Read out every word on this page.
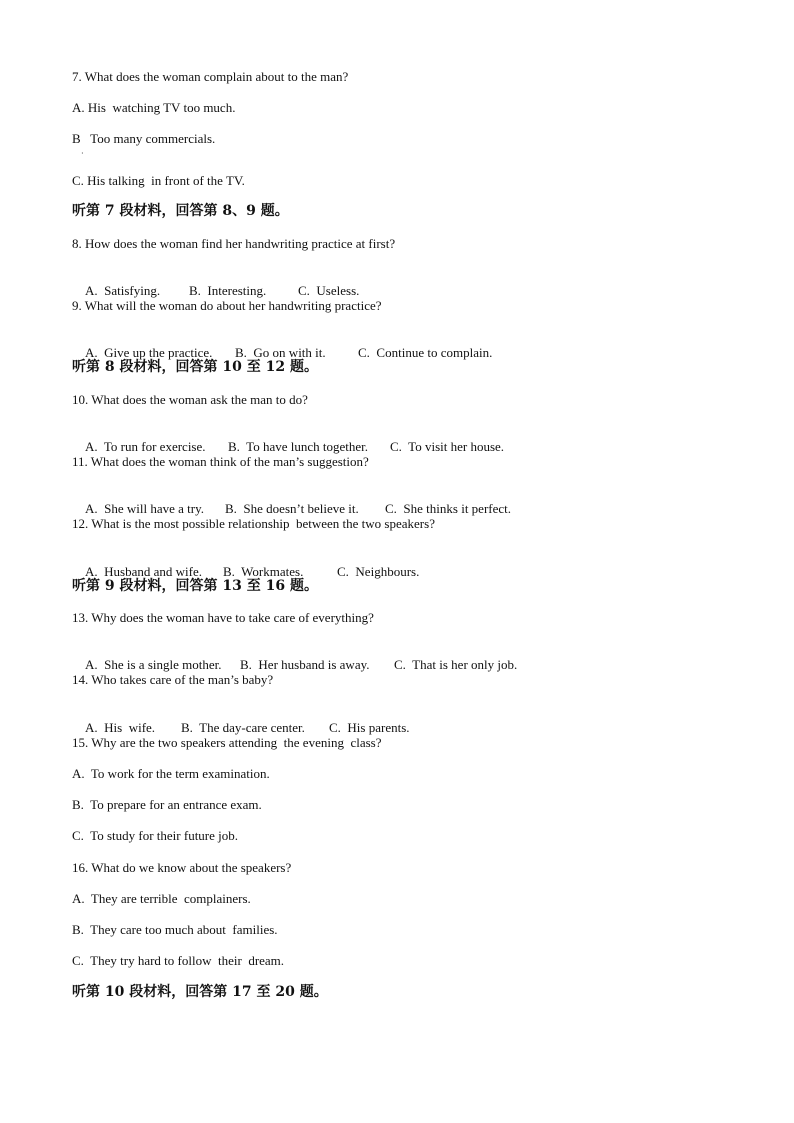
7. What does the woman complain about to the man?
A. His  watching TV too much.
B   Too many commercials.
·
C. His talking  in front of the TV.
听第 7 段材料，回答第 8、9 题。
8. How does the woman find her handwriting practice at first?

A.  Satisfying. B.  Interesting. C.  Useless.

9. What will the woman do about her handwriting practice?

A.  Give up the practice. B.  Go on with it. C.  Continue to complain.

听第 8 段材料，回答第 10 至 12 题。
10. What does the woman ask the man to do?

A.  To run for exercise. B.  To have lunch together. C.  To visit her house.

11. What does the woman think of the man’s suggestion?

A.  She will have a try. B.  She doesn’t believe it. C.  She thinks it perfect.

12. What is the most possible relationship  between the two speakers?

A.  Husband and wife. B.  Workmates.	C.  Neighbours.

听第 9 段材料，回答第 13 至 16 题。
13. Why does the woman have to take care of everything?

A.  She is a single mother. B.  Her husband is away. C.  That is her only job.

14. Who takes care of the man’s baby?

A.  His  wife. B.  The day-care center. C.  His parents.

15. Why are the two speakers attending  the evening  class?
A.  To work for the term examination.
B.  To prepare for an entrance exam.
C.  To study for their future job.
16. What do we know about the speakers?
A.  They are terrible  complainers.
B.  They care too much about  families.
C.  They try hard to follow  their  dream.
听第 10 段材料，回答第 17 至 20 题。
